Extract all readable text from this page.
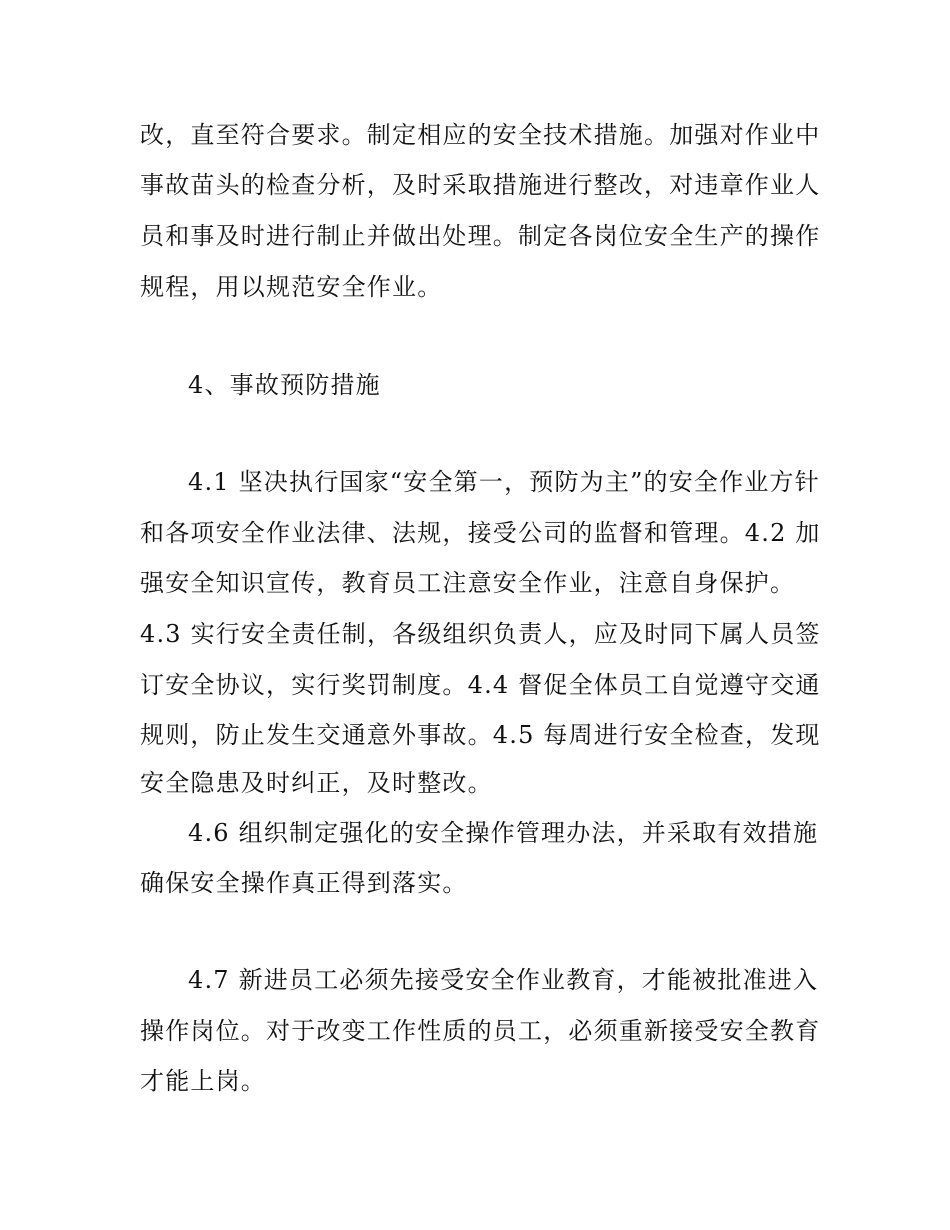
改，直至符合要求。制定相应的安全技术措施。加强对作业中
事故苗头的检查分析，及时采取措施进行整改，对违章作业人
员和事及时进行制止并做出处理。制定各岗位安全生产的操作
规程，用以规范安全作业。
4、事故预防措施
4.1 坚决执行国家“安全第一，预防为主”的安全作业方针
和各项安全作业法律、法规，接受公司的监督和管理。4.2 加
强安全知识宣传，教育员工注意安全作业，注意自身保护。
4.3 实行安全责任制，各级组织负责人，应及时同下属人员签
订安全协议，实行奖罚制度。4.4 督促全体员工自觉遵守交通
规则，防止发生交通意外事故。4.5 每周进行安全检查，发现
安全隐患及时纠正，及时整改。
4.6 组织制定强化的安全操作管理办法，并采取有效措施
确保安全操作真正得到落实。
4.7 新进员工必须先接受安全作业教育，才能被批准进入
操作岗位。对于改变工作性质的员工，必须重新接受安全教育
才能上岗。
